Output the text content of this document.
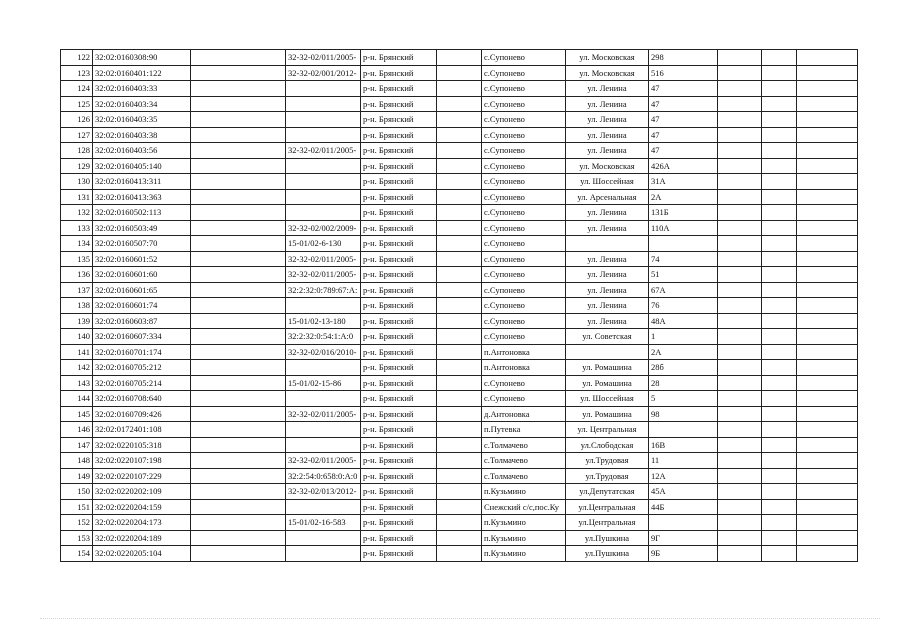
122	32:02:0160308:90		32-32-02/011/2005-	р-н. Брянский		с.Супонево	ул. Московская	298			
123	32:02:0160401:122		32-32-02/001/2012-	р-н. Брянский		с.Супонево	ул. Московская	516			
124	32:02:0160403:33			р-н. Брянский		с.Супонево	ул. Ленина	47			
125	32:02:0160403:34			р-н. Брянский		с.Супонево	ул. Ленина	47			
126	32:02:0160403:35			р-н. Брянский		с.Супонево	ул. Ленина	47			
127	32:02:0160403:38			р-н. Брянский		с.Супонево	ул. Ленина	47			
128	32:02:0160403:56		32-32-02/011/2005-	р-н. Брянский		с.Супонево	ул. Ленина	47			
129	32:02:0160405:140			р-н. Брянский		с.Супонево	ул. Московская	426А			
130	32:02:0160413:311			р-н. Брянский		с.Супонево	ул. Шоссейная	31А			
131	32:02:0160413:363			р-н. Брянский		с.Супонево	ул. Арсенальная	2А			
132	32:02:0160502:113			р-н. Брянский		с.Супонево	ул. Ленина	131Б			
133	32:02:0160503:49		32-32-02/002/2009-	р-н. Брянский		с.Супонево	ул. Ленина	110А			
134	32:02:0160507:70		15-01/02-6-130	р-н. Брянский		с.Супонево					
135	32:02:0160601:52		32-32-02/011/2005-	р-н. Брянский		с.Супонево	ул. Ленина	74			
136	32:02:0160601:60		32-32-02/011/2005-	р-н. Брянский		с.Супонево	ул. Ленина	51			
137	32:02:0160601:65		32:2:32:0:789:67:А:	р-н. Брянский		с.Супонево	ул. Ленина	67А			
138	32:02:0160601:74			р-н. Брянский		с.Супонево	ул. Ленина	76			
139	32:02:0160603:87		15-01/02-13-180	р-н. Брянский		с.Супонево	ул. Ленина	48А			
140	32:02:0160607:334		32:2:32:0:54:1:А:0	р-н. Брянский		с.Супонево	ул. Советская	1			
141	32:02:0160701:174		32-32-02/016/2010-	р-н. Брянский		п.Антоновка		2А			
142	32:02:0160705:212			р-н. Брянский		п.Антоновка	ул. Ромашина	28б			
143	32:02:0160705:214		15-01/02-15-86	р-н. Брянский		с.Супонево	ул. Ромашина	28			
144	32:02:0160708:640			р-н. Брянский		с.Супонево	ул. Шоссейная	5			
145	32:02:0160709:426		32-32-02/011/2005-	р-н. Брянский		д.Антоновка	ул. Ромашина	98			
146	32:02:0172401:108			р-н. Брянский		п.Путевка	ул. Центральная				
147	32:02:0220105:318			р-н. Брянский		с.Толмачево	ул.Слободская	16В			
148	32:02:0220107:198		32-32-02/011/2005-	р-н. Брянский		с.Толмачево	ул.Трудовая	11			
149	32:02:0220107:229		32:2:54:0:658:0:А:0	р-н. Брянский		с.Толмачево	ул.Трудовая	12А			
150	32:02:0220202:109		32-32-02/013/2012-	р-н. Брянский		п.Кузьмино	ул.Депутатская	45А			
151	32:02:0220204:159			р-н. Брянский		Снежский с/с,пос.Ку	ул.Центральная	44Б			
152	32:02:0220204:173		15-01/02-16-583	р-н. Брянский		п.Кузьмино	ул.Центральная				
153	32:02:0220204:189			р-н. Брянский		п.Кузьмино	ул.Пушкина	9Г			
154	32:02:0220205:104			р-н. Брянский		п.Кузьмино	ул.Пушкина	9Б			
